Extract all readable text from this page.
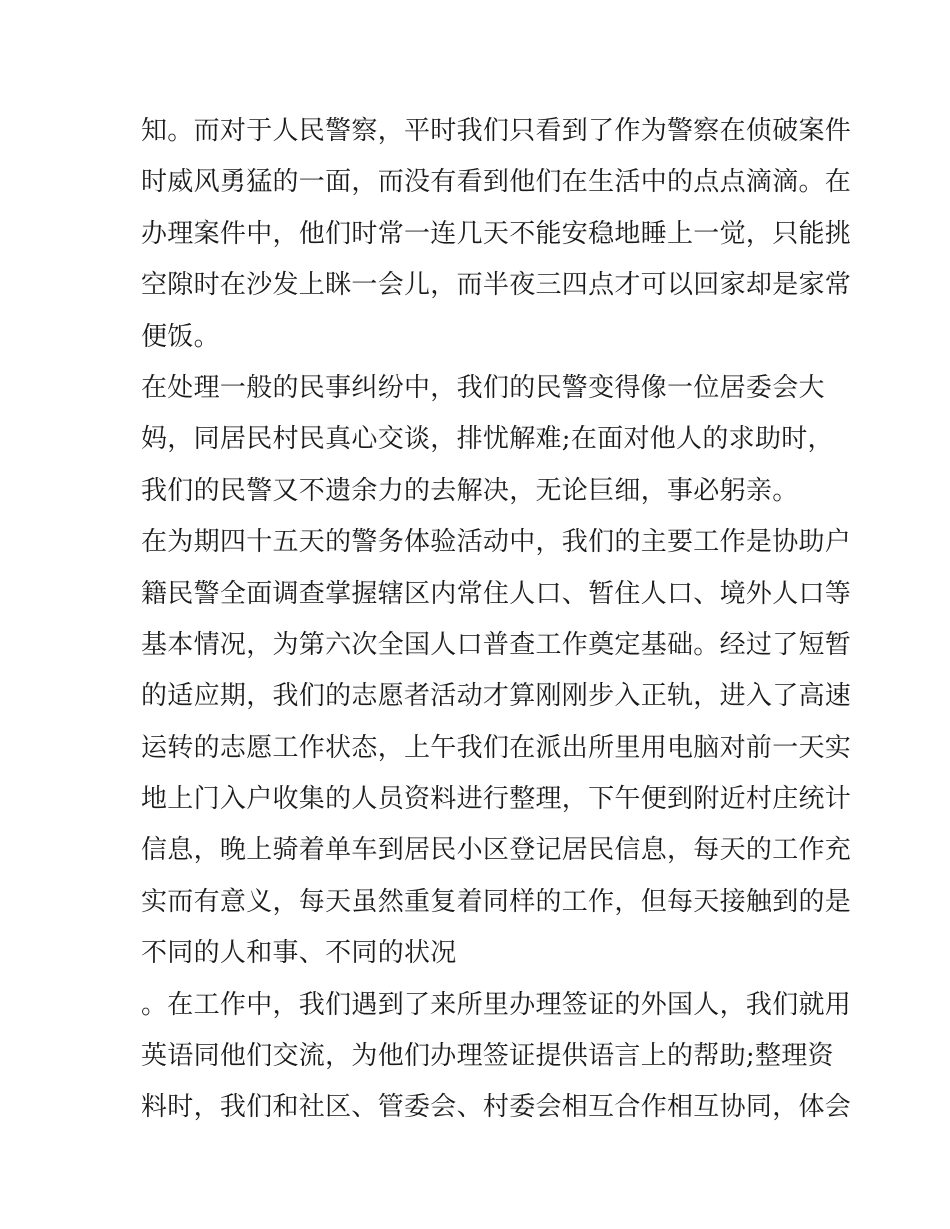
知。而对于人民警察，平时我们只看到了作为警察在侦破案件
时威风勇猛的一面，而没有看到他们在生活中的点点滴滴。在
办理案件中，他们时常一连几天不能安稳地睡上一觉，只能挑
空隙时在沙发上眯一会儿，而半夜三四点才可以回家却是家常
便饭。
在处理一般的民事纠纷中，我们的民警变得像一位居委会大
妈，同居民村民真心交谈，排忧解难;在面对他人的求助时，
我们的民警又不遗余力的去解决，无论巨细，事必躬亲。
在为期四十五天的警务体验活动中，我们的主要工作是协助户
籍民警全面调查掌握辖区内常住人口、暂住人口、境外人口等
基本情况，为第六次全国人口普查工作奠定基础。经过了短暂
的适应期，我们的志愿者活动才算刚刚步入正轨，进入了高速
运转的志愿工作状态，上午我们在派出所里用电脑对前一天实
地上门入户收集的人员资料进行整理，下午便到附近村庄统计
信息，晚上骑着单车到居民小区登记居民信息，每天的工作充
实而有意义，每天虽然重复着同样的工作，但每天接触到的是
不同的人和事、不同的状况
。在工作中，我们遇到了来所里办理签证的外国人，我们就用
英语同他们交流，为他们办理签证提供语言上的帮助;整理资
料时，我们和社区、管委会、村委会相互合作相互协同，体会
